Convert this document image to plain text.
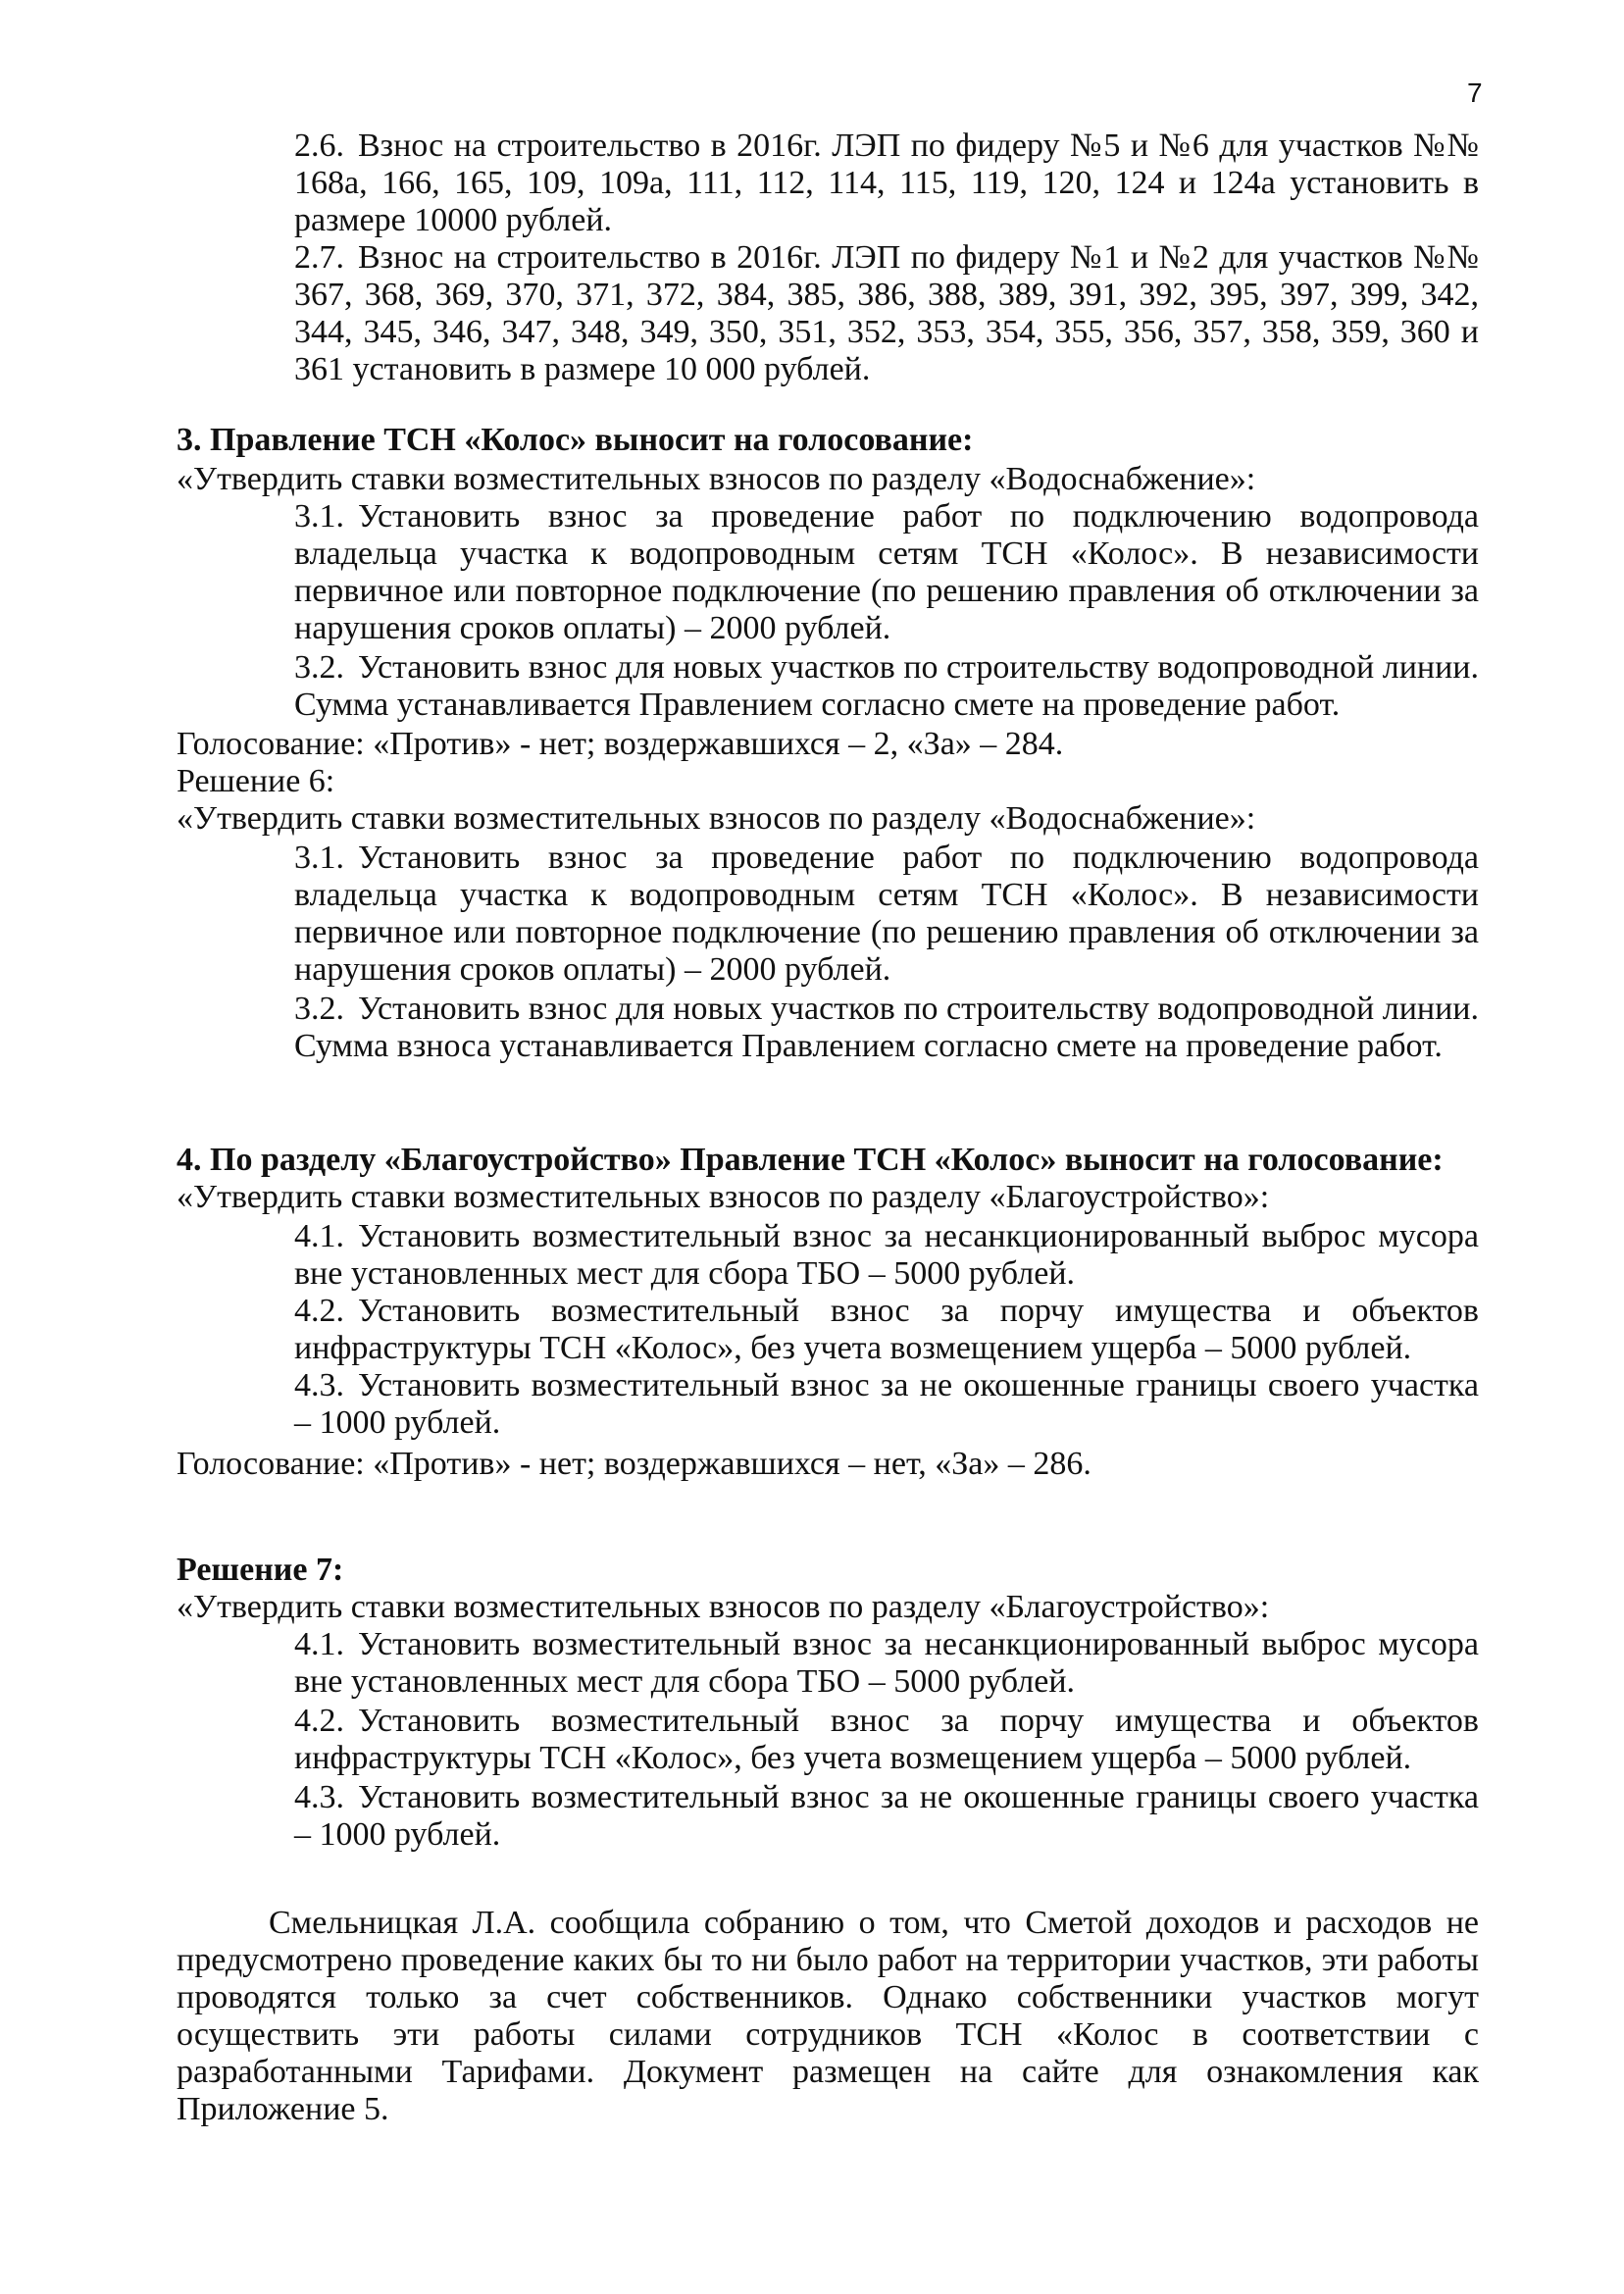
7

2.6. Взнос на строительство в 2016г. ЛЭП по фидеру №5 и №6 для участков №№ 168а, 166, 165, 109, 109а, 111, 112, 114, 115, 119, 120, 124 и 124а установить в размере 10000 рублей.

2.7. Взнос на строительство в 2016г. ЛЭП по фидеру №1 и №2 для участков №№ 367, 368, 369, 370, 371, 372, 384, 385, 386, 388, 389, 391, 392, 395, 397, 399, 342, 344, 345, 346, 347, 348, 349, 350, 351, 352, 353, 354, 355, 356, 357, 358, 359, 360 и 361 установить в размере 10 000 рублей.

3. Правление ТСН «Колос» выносит на голосование:

«Утвердить ставки возместительных взносов по разделу «Водоснабжение»:

3.1. Установить взнос за проведение работ по подключению водопровода владельца участка к водопроводным сетям ТСН «Колос». В независимости первичное или повторное подключение (по решению правления об отключении за нарушения сроков оплаты) – 2000 рублей.

3.2. Установить взнос для новых участков по строительству водопроводной линии. Сумма устанавливается Правлением согласно смете на проведение работ.

Голосование: «Против» - нет; воздержавшихся – 2, «За» – 284.

Решение 6:

«Утвердить ставки возместительных взносов по разделу «Водоснабжение»:

3.1. Установить взнос за проведение работ по подключению водопровода владельца участка к водопроводным сетям ТСН «Колос». В независимости первичное или повторное подключение (по решению правления об отключении за нарушения сроков оплаты) – 2000 рублей.

3.2. Установить взнос для новых участков по строительству водопроводной линии. Сумма взноса устанавливается Правлением согласно смете на проведение работ.

4. По разделу «Благоустройство» Правление ТСН «Колос» выносит на голосование:

«Утвердить ставки возместительных взносов по разделу «Благоустройство»:

4.1. Установить возместительный взнос за несанкционированный выброс мусора вне установленных мест для сбора ТБО – 5000 рублей.

4.2. Установить возместительный взнос за порчу имущества и объектов инфраструктуры ТСН «Колос», без учета возмещением ущерба – 5000 рублей.

4.3. Установить возместительный взнос за не окошенные границы своего участка – 1000 рублей.

Голосование: «Против» - нет; воздержавшихся – нет, «За» – 286.

Решение 7:

«Утвердить ставки возместительных взносов по разделу «Благоустройство»:

4.1. Установить возместительный взнос за несанкционированный выброс мусора вне установленных мест для сбора ТБО – 5000 рублей.

4.2. Установить возместительный взнос за порчу имущества и объектов инфраструктуры ТСН «Колос», без учета возмещением ущерба – 5000 рублей.

4.3. Установить возместительный взнос за не окошенные границы своего участка – 1000 рублей.

Смельницкая Л.А. сообщила собранию о том, что Сметой доходов и расходов не предусмотрено проведение каких бы то ни было работ на территории участков, эти работы проводятся только за счет собственников. Однако собственники участков могут осуществить эти работы силами сотрудников ТСН «Колос в соответствии с разработанными Тарифами. Документ размещен на сайте для ознакомления как Приложение 5.
